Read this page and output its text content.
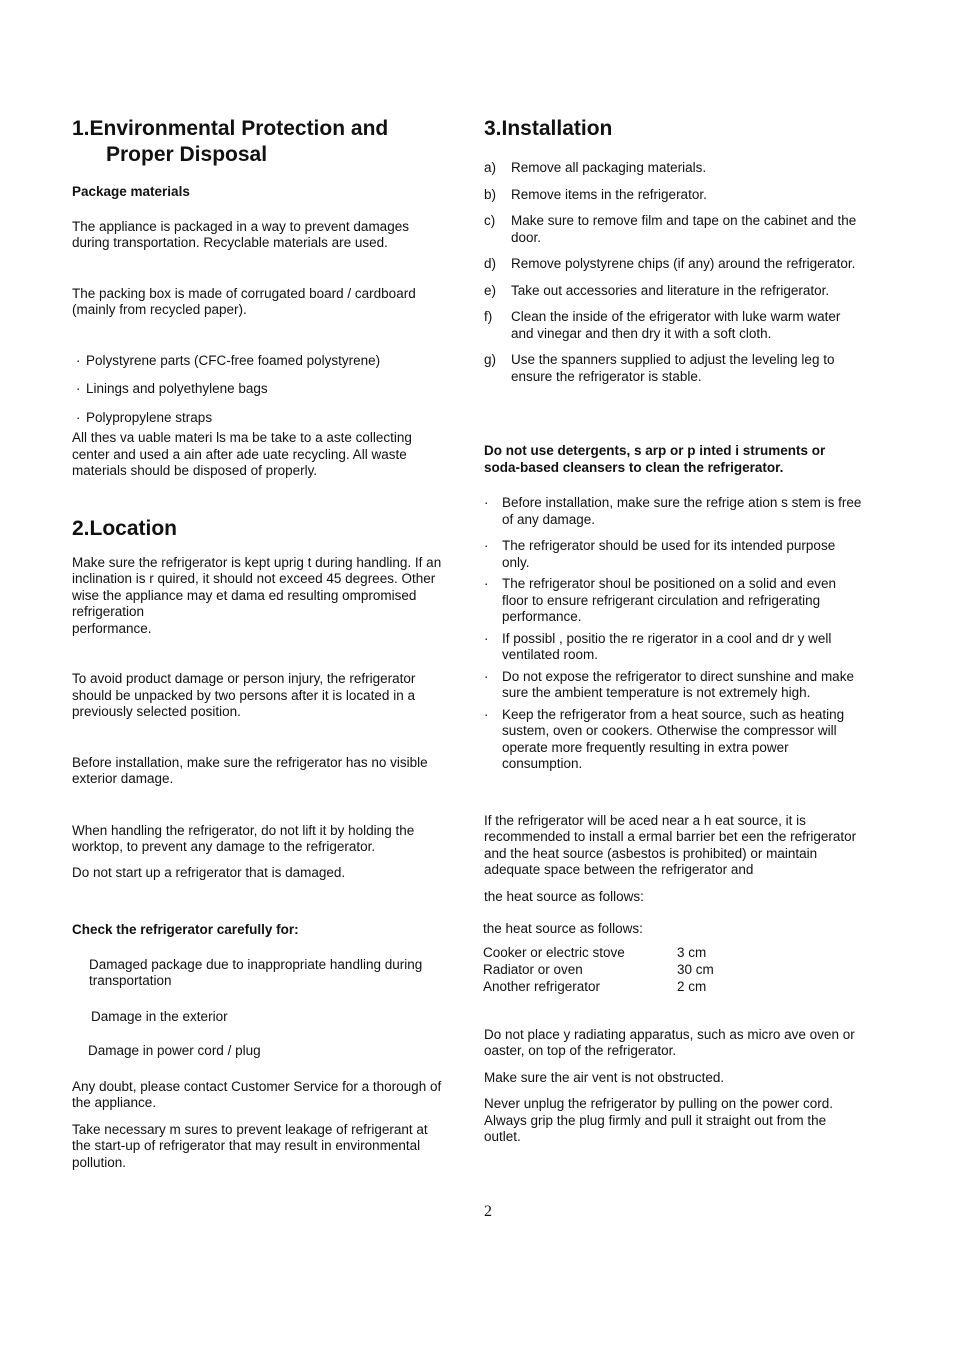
1.Environmental Protection and

Proper Disposal

Package materials

The appliance is packaged in a way to prevent damages during transportation. Recyclable materials are used.

The packing box is made of corrugated board / cardboard (mainly from recycled paper).

· Polystyrene parts (CFC-free foamed polystyrene)
· Linings and polyethylene bags
· Polypropylene straps

All thes va uable materi ls ma be take to a aste collecting center and used a ain after ade uate recycling. All waste materials should be disposed of properly.

2.Location

Make sure the refrigerator is kept uprig t during handling. If an inclination is r quired, it should not exceed 45 degrees. Other wise the appliance may et dama ed resulting ompromised refrigeration
performance.

To avoid product damage or person injury, the refrigerator should be unpacked by two persons after it is located in a previously selected position.

Before installation, make sure the refrigerator has no visible exterior damage.

When handling the refrigerator, do not lift it by holding the worktop, to prevent any damage to the refrigerator.

Do not start up a refrigerator that is damaged.

Check the refrigerator carefully for:

Damaged package due to inappropriate handling during transportation

Damage in the exterior

Damage in power cord / plug

Any doubt, please contact Customer Service for a thorough of the appliance.

Take necessary m sures to prevent leakage of refrigerant at the start-up of refrigerator that may result in environmental pollution.

3.Installation
a)	Remove all packaging materials.
b)	Remove items in the refrigerator.
c)	Make sure to remove film and tape on the cabinet and the door.
d)	Remove polystyrene chips (if any) around the refrigerator.
e)	Take out accessories and literature in the refrigerator.
f)	Clean the inside of the efrigerator with luke warm water and vinegar and then dry it with a soft cloth.
g)	Use the spanners supplied to adjust the leveling leg to ensure the refrigerator is stable.

Do not use detergents, s arp or p inted i struments or soda-based cleansers to clean the refrigerator.

·	Before installation, make sure the refrige ation s stem is free of any damage.
·	The refrigerator should be used for its intended purpose only.
·	The refrigerator shoul be positioned on a solid and even floor to ensure refrigerant circulation and refrigerating performance.
·	If possibl , positio the re rigerator in a cool and dr y well ventilated room.
·	Do not expose the refrigerator to direct sunshine and make sure the ambient temperature is not extremely high.
·	Keep the refrigerator from a heat source, such as heating sustem, oven or cookers. Otherwise the compressor will operate more frequently resulting in extra power consumption.

If the refrigerator will be aced near a h eat source, it is recommended to install a ermal barrier bet een the refrigerator and the heat source (asbestos is prohibited) or maintain adequate space between the refrigerator and

the heat source as follows:

the heat source as follows:

Cooker or electric stove	3 cm
Radiator or oven	30 cm
Another refrigerator	2 cm

Do not place y radiating apparatus, such as micro ave oven or oaster, on top of the refrigerator.

Make sure the air vent is not obstructed.

Never unplug the refrigerator by pulling on the power cord. Always grip the plug firmly and pull it straight out from the outlet.

2
